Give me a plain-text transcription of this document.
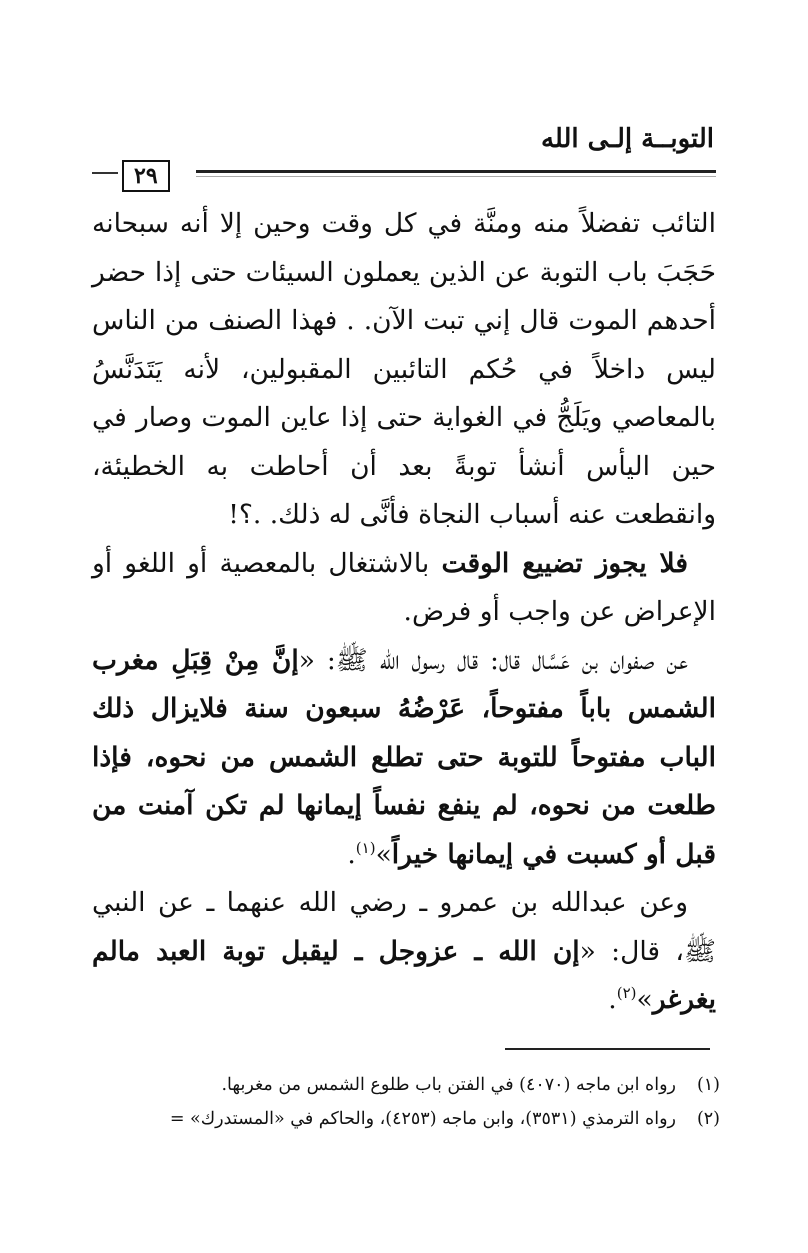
التوبــة إلـى الله
٢٩

التائب تفضلاً منه ومنَّة في كل وقت وحين إلا أنه سبحانه حَجَبَ باب التوبة عن الذين يعملون السيئات حتى إذا حضر أحدهم الموت قال إني تبت الآن. . فهذا الصنف من الناس ليس داخلاً في حُكم التائبين المقبولين، لأنه يَتَدَنَّسُ بالمعاصي ويَلَجُّ في الغواية حتى إذا عاين الموت وصار في حين اليأس أنشأ توبةً بعد أن أحاطت به الخطيئة، وانقطعت عنه أسباب النجاة فأنَّى له ذلك. .؟!

فلا يجوز تضييع الوقت بالاشتغال بالمعصية أو اللغو أو الإعراض عن واجب أو فرض.

عن صفوان بن عَسَّال قال: قال رسول الله ﷺ: «إنَّ مِنْ قِبَلِ مغرب الشمس باباً مفتوحاً، عَرْضُهُ سبعون سنة فلايزال ذلك الباب مفتوحاً للتوبة حتى تطلع الشمس من نحوه، فإذا طلعت من نحوه، لم ينفع نفساً إيمانها لم تكن آمنت من قبل أو كسبت في إيمانها خيراً»$^{(١)}$.

وعن عبدالله بن عمرو ـ رضي الله عنهما ـ عن النبي ﷺ، قال: «إن الله ـ عزوجل ـ ليقبل توبة العبد مالم يغرغر»$^{(٢)}$.

(١)رواه ابن ماجه (٤٠٧٠) في الفتن باب طلوع الشمس من مغربها.
(٢)رواه الترمذي (٣٥٣١)، وابن ماجه (٤٢٥٣)، والحاكم في «المستدرك» =
